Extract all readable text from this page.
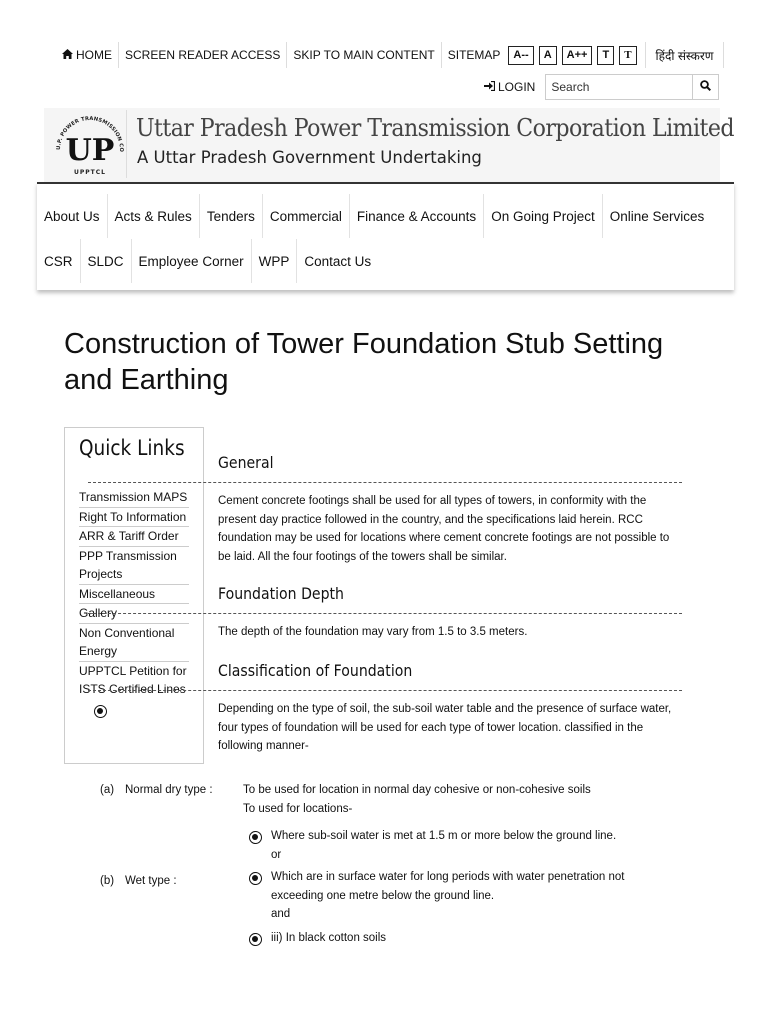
HOME	SCREEN READER ACCESS	SKIP TO MAIN CONTENT	SITEMAP	A--	A	A++	T	T	हिंदी संस्करण
LOGIN
Search
U.P. POWER TRANSMISSION CO
UP
UPPTCL
Uttar Pradesh Power Transmission Corporation Limited
A Uttar Pradesh Government Undertaking
About Us	Acts & Rules	Tenders	Commercial	Finance & Accounts	On Going Project	Online Services
CSR	SLDC	Employee Corner	WPP	Contact Us
Construction of Tower Foundation Stub Setting and Earthing
Quick Links
Transmission MAPS
Right To Information
ARR & Tariff Order
PPP Transmission Projects
Miscellaneous
Gallery
Non Conventional Energy
UPPTCL Petition for ISTS Certified Lines
General

Cement concrete footings shall be used for all types of towers, in conformity with the present day practice followed in the country, and the specifications laid herein. RCC foundation may be used for locations where cement concrete footings are not possible to be laid. All the four footings of the towers shall be similar.

Foundation Depth

The depth of the foundation may vary from 1.5 to 3.5 meters.

Classification of Foundation

Depending on the type of soil, the sub-soil water table and the presence of surface water, four types of foundation will be used for each type of tower location. classified in the following manner-

(a) Normal dry type :	To be used for location in normal day cohesive or non-cohesive soils
To used for locations-
Where sub-soil water is met at 1.5 m or more below the ground line.
or
(b) Wet type :	Which are in surface water for long periods with water penetration not
exceeding one metre below the ground line.
and
iii) In black cotton soils
